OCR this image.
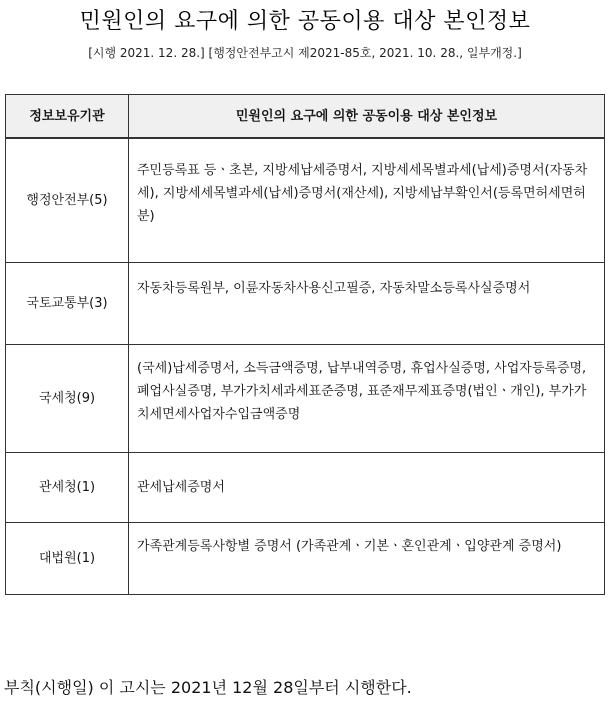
민원인의 요구에 의한 공동이용 대상 본인정보
[시행 2021. 12. 28.] [행정안전부고시 제2021-85호, 2021. 10. 28., 일부개정.]
정보보유기관	민원인의 요구에 의한 공동이용 대상 본인정보
행정안전부(5)	주민등록표 등ㆍ초본, 지방세납세증명서, 지방세세목별과세(납세)증명서(자동차세), 지방세세목별과세(납세)증명서(재산세), 지방세납부확인서(등록면허세면허분)
국토교통부(3)	자동차등록원부, 이륜자동차사용신고필증, 자동차말소등록사실증명서
국세청(9)	(국세)납세증명서, 소득금액증명, 납부내역증명, 휴업사실증명, 사업자등록증명, 폐업사실증명, 부가가치세과세표준증명, 표준재무제표증명(법인ㆍ개인), 부가가치세면세사업자수입금액증명
관세청(1)	관세납세증명서
대법원(1)	가족관계등록사항별 증명서 (가족관계ㆍ기본ㆍ혼인관계ㆍ입양관계 증명서)
부칙(시행일) 이 고시는 2021년 12월 28일부터 시행한다.
